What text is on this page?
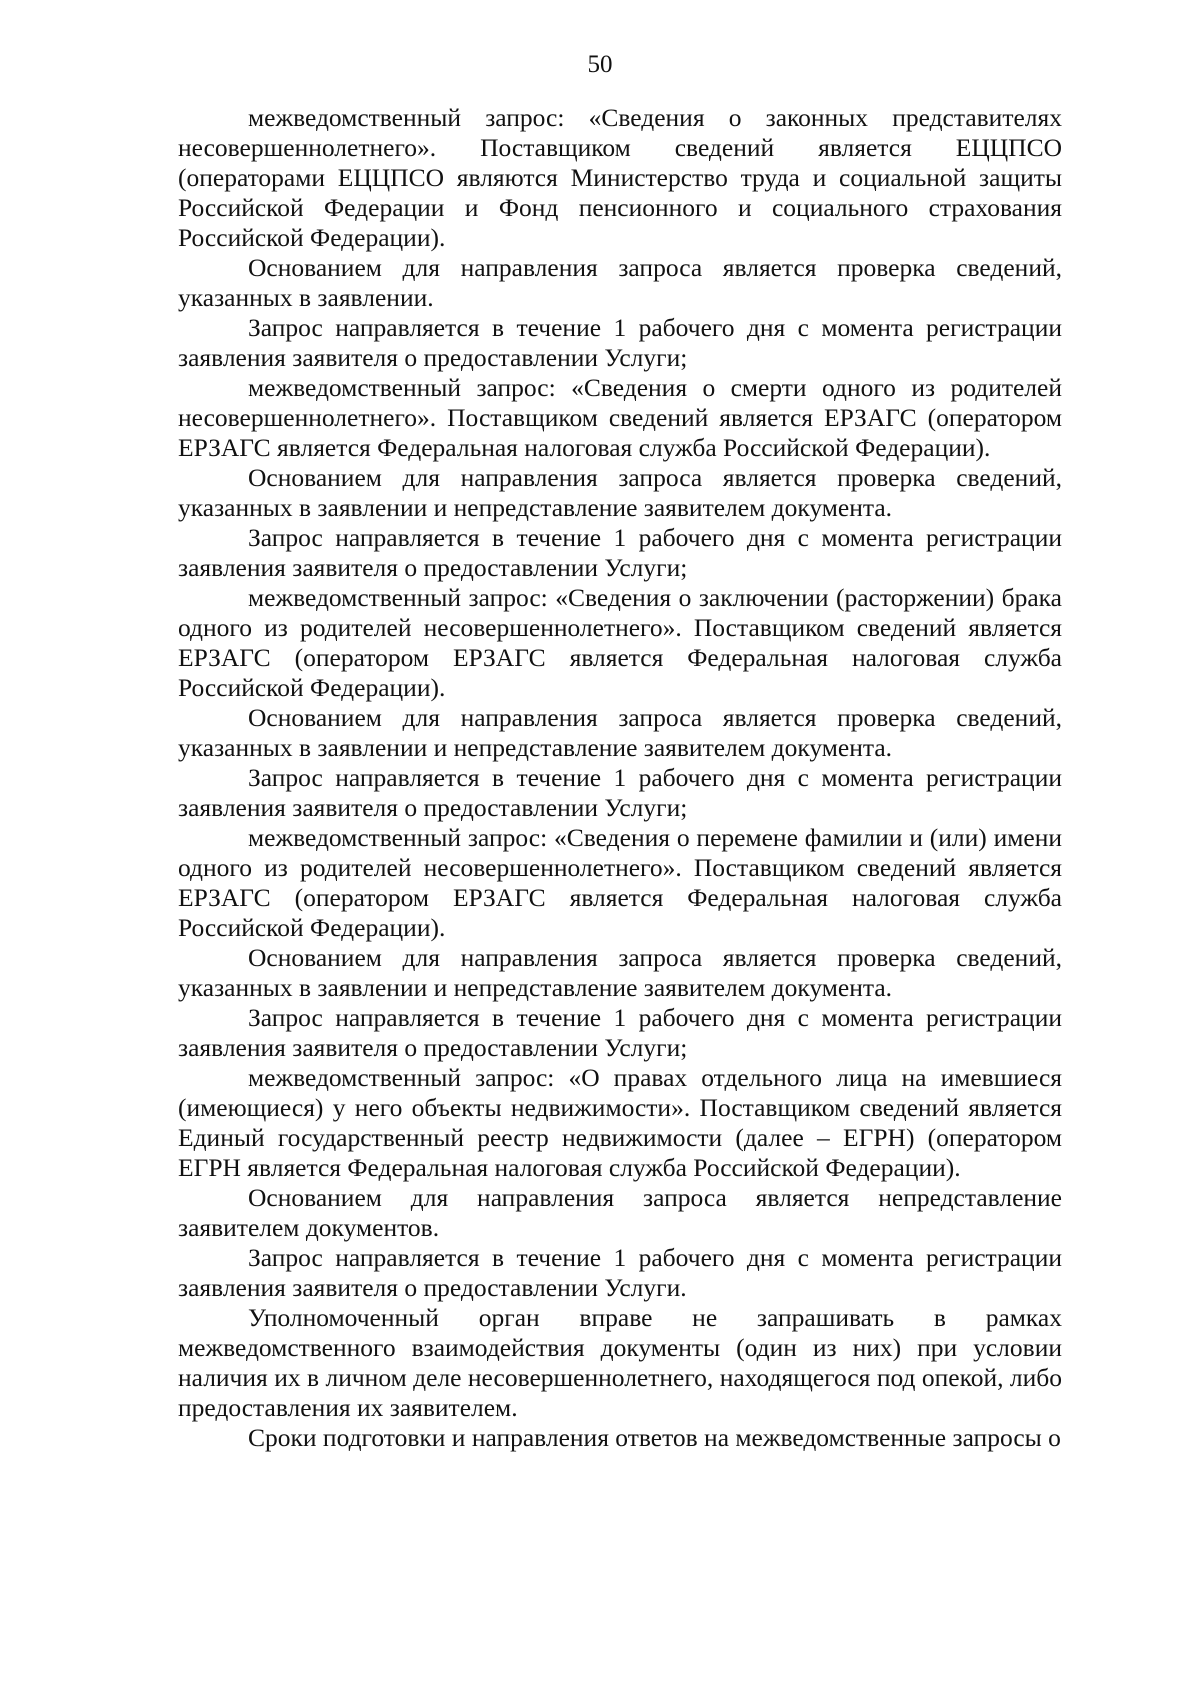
50

межведомственный запрос: «Сведения о законных представителях несовершеннолетнего». Поставщиком сведений является ЕЦЦПСО (операторами ЕЦЦПСО являются Министерство труда и социальной защиты Российской Федерации и Фонд пенсионного и социального страхования Российской Федерации).

Основанием для направления запроса является проверка сведений, указанных в заявлении.

Запрос направляется в течение 1 рабочего дня с момента регистрации заявления заявителя о предоставлении Услуги;

межведомственный запрос: «Сведения о смерти одного из родителей несовершеннолетнего». Поставщиком сведений является ЕРЗАГС (оператором ЕРЗАГС является Федеральная налоговая служба Российской Федерации).

Основанием для направления запроса является проверка сведений, указанных в заявлении и непредставление заявителем документа.

Запрос направляется в течение 1 рабочего дня с момента регистрации заявления заявителя о предоставлении Услуги;

межведомственный запрос: «Сведения о заключении (расторжении) брака одного из родителей несовершеннолетнего». Поставщиком сведений является ЕРЗАГС (оператором ЕРЗАГС является Федеральная налоговая служба Российской Федерации).

Основанием для направления запроса является проверка сведений, указанных в заявлении и непредставление заявителем документа.

Запрос направляется в течение 1 рабочего дня с момента регистрации заявления заявителя о предоставлении Услуги;

межведомственный запрос: «Сведения о перемене фамилии и (или) имени одного из родителей несовершеннолетнего». Поставщиком сведений является ЕРЗАГС (оператором ЕРЗАГС является Федеральная налоговая служба Российской Федерации).

Основанием для направления запроса является проверка сведений, указанных в заявлении и непредставление заявителем документа.

Запрос направляется в течение 1 рабочего дня с момента регистрации заявления заявителя о предоставлении Услуги;

межведомственный запрос: «О правах отдельного лица на имевшиеся (имеющиеся) у него объекты недвижимости». Поставщиком сведений является Единый государственный реестр недвижимости (далее – ЕГРН) (оператором ЕГРН является Федеральная налоговая служба Российской Федерации).

Основанием для направления запроса является непредставление заявителем документов.

Запрос направляется в течение 1 рабочего дня с момента регистрации заявления заявителя о предоставлении Услуги.

Уполномоченный орган вправе не запрашивать в рамках межведомственного взаимодействия документы (один из них) при условии наличия их в личном деле несовершеннолетнего, находящегося под опекой, либо предоставления их заявителем.

Сроки подготовки и направления ответов на межведомственные запросы о
